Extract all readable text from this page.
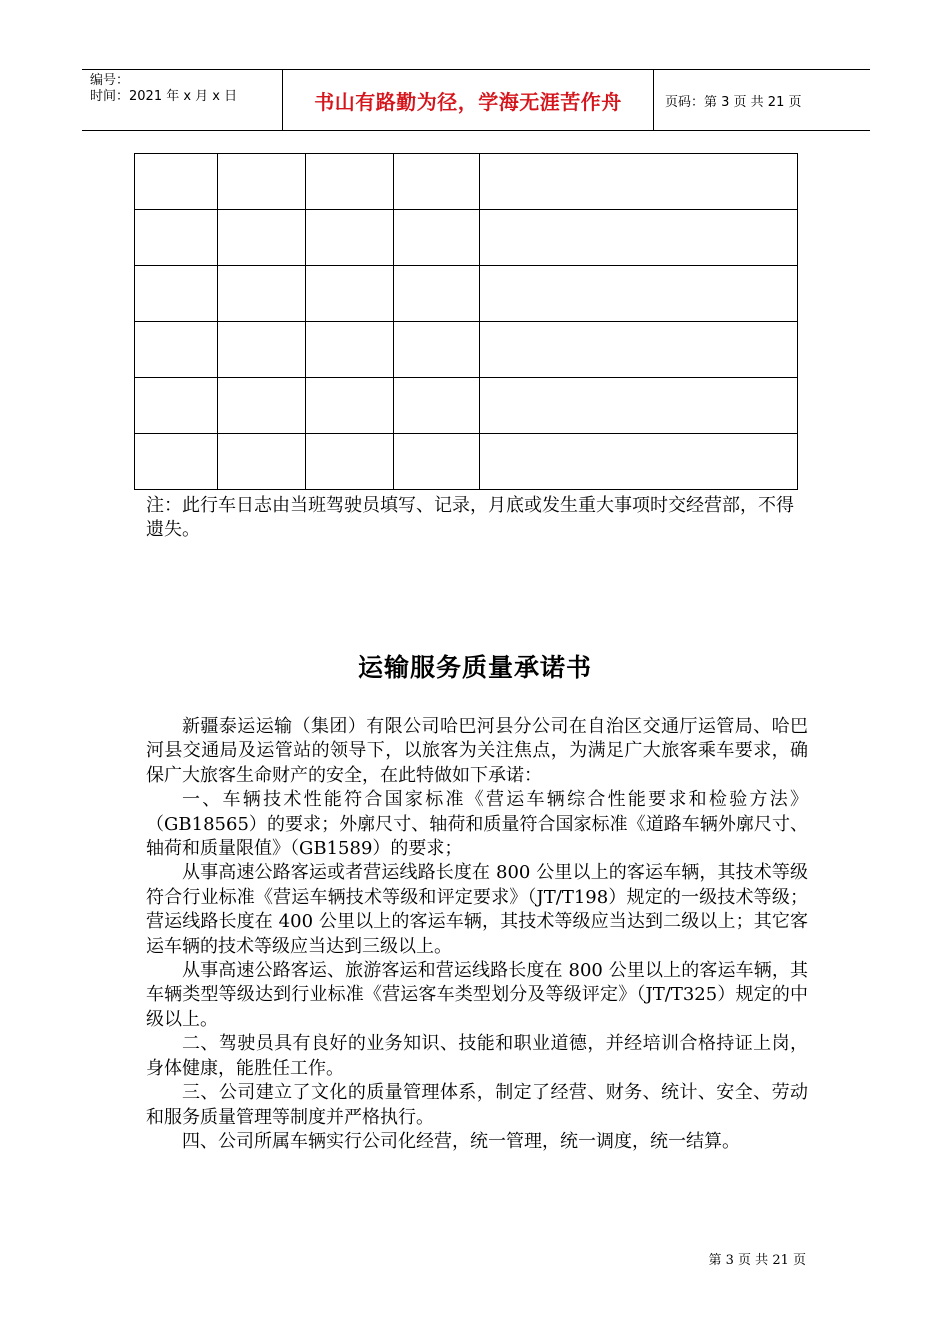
编号：
时间：2021 年 x 月 x 日	书山有路勤为径，学海无涯苦作舟	页码：第 3 页 共 21 页

注：此行车日志由当班驾驶员填写、记录，月底或发生重大事项时交经营部，不得遗失。
运输服务质量承诺书

新疆泰运运输（集团）有限公司哈巴河县分公司在自治区交通厅运管局、哈巴河县交通局及运管站的领导下，以旅客为关注焦点，为满足广大旅客乘车要求，确保广大旅客生命财产的安全，在此特做如下承诺：

一、车辆技术性能符合国家标准《营运车辆综合性能要求和检验方法》（GB18565）的要求；外廓尺寸、轴荷和质量符合国家标准《道路车辆外廓尺寸、轴荷和质量限值》（GB1589）的要求；

从事高速公路客运或者营运线路长度在 800 公里以上的客运车辆，其技术等级符合行业标准《营运车辆技术等级和评定要求》（JT/T198）规定的一级技术等级；营运线路长度在 400 公里以上的客运车辆，其技术等级应当达到二级以上；其它客运车辆的技术等级应当达到三级以上。

从事高速公路客运、旅游客运和营运线路长度在 800 公里以上的客运车辆，其车辆类型等级达到行业标准《营运客车类型划分及等级评定》（JT/T325）规定的中级以上。

二、驾驶员具有良好的业务知识、技能和职业道德，并经培训合格持证上岗，身体健康，能胜任工作。

三、公司建立了文化的质量管理体系，制定了经营、财务、统计、安全、劳动和服务质量管理等制度并严格执行。

四、公司所属车辆实行公司化经营，统一管理，统一调度，统一结算。

第 3 页 共 21 页
